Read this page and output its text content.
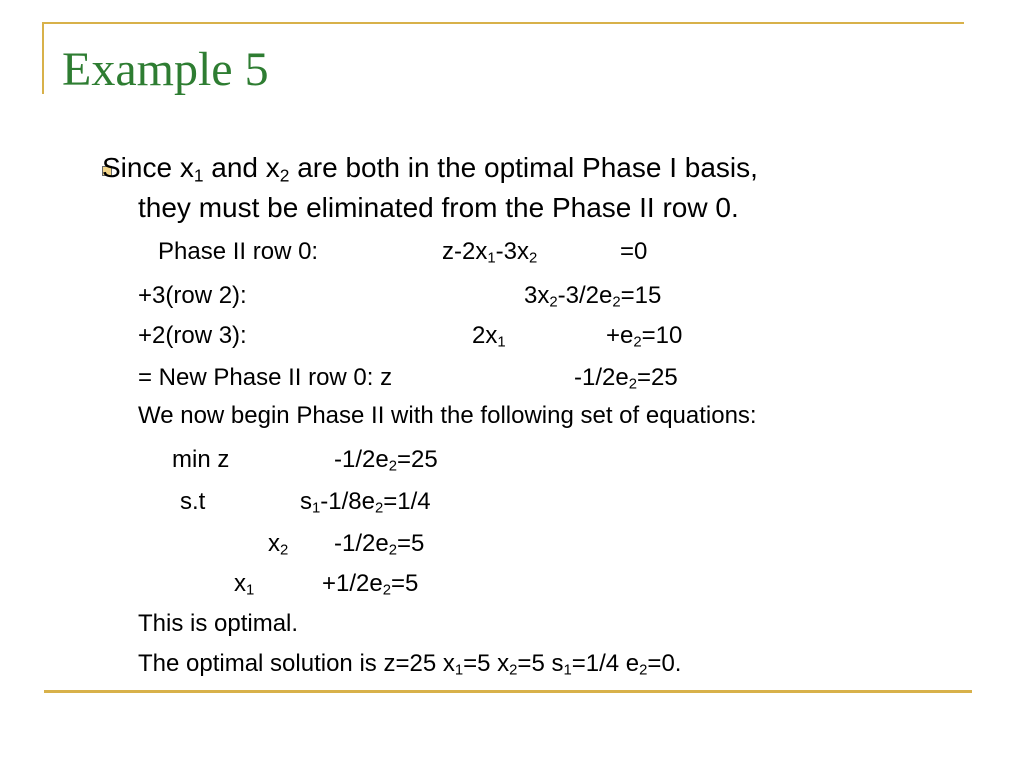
Example 5
Since $x_1$ and $x_2$ are both in the optimal Phase I basis,
they must be eliminated from the Phase II row 0.
Phase II row 0:	$z-2x_1-3x_2$	=0
+3(row 2):	$3x_2-3/2e_2=15$
+2(row 3):	$2x_1$	$+e_2=10$
= New Phase II row 0: z	$-1/2e_2=25$
We now begin Phase II with the following set of equations:
min z	$-1/2e_2=25$
s.t	$s_1-1/8e_2=1/4$
$x_2$ $-1/2e_2=5$
$x_1$	$+1/2e_2=5$
This is optimal.
The optimal solution is z=25 $x_1=5$ $x_2=5$ $s_1=1/4$ $e_2=0$.
